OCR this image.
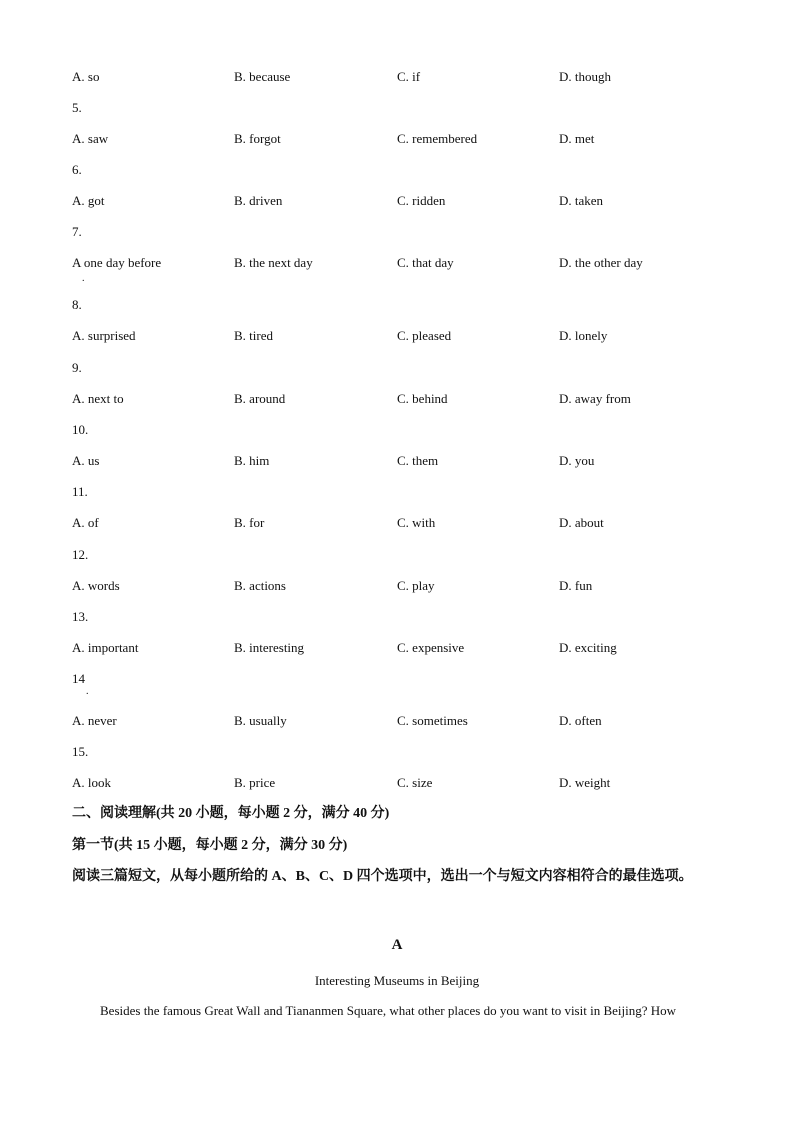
A. so	B. because	C. if	D. though
5.
A. saw	B. forgot	C. remembered	D. met
6.
A. got	B. driven	C. ridden	D. taken
7.
A one day before	B. the next day	C. that day	D. the other day
.
8.
A. surprised	B. tired	C. pleased	D. lonely
9.
A. next to	B. around	C. behind	D. away from
10.
A. us	B. him	C. them	D. you
11.
A. of	B. for	C. with	D. about
12.
A. words	B. actions	C. play	D. fun
13.
A. important	B. interesting	C. expensive	D. exciting
14
.
A. never	B. usually	C. sometimes	D. often
15.
A. look	B. price	C. size	D. weight
二、阅读理解(共 20 小题，每小题 2 分，满分 40 分)
第一节(共 15 小题，每小题 2 分，满分 30 分)
阅读三篇短文，从每小题所给的 A、B、C、D 四个选项中，选出一个与短文内容相符合的最佳选项。
A
Interesting Museums in Beijing
Besides the famous Great Wall and Tiananmen Square, what other places do you want to visit in Beijing? How
